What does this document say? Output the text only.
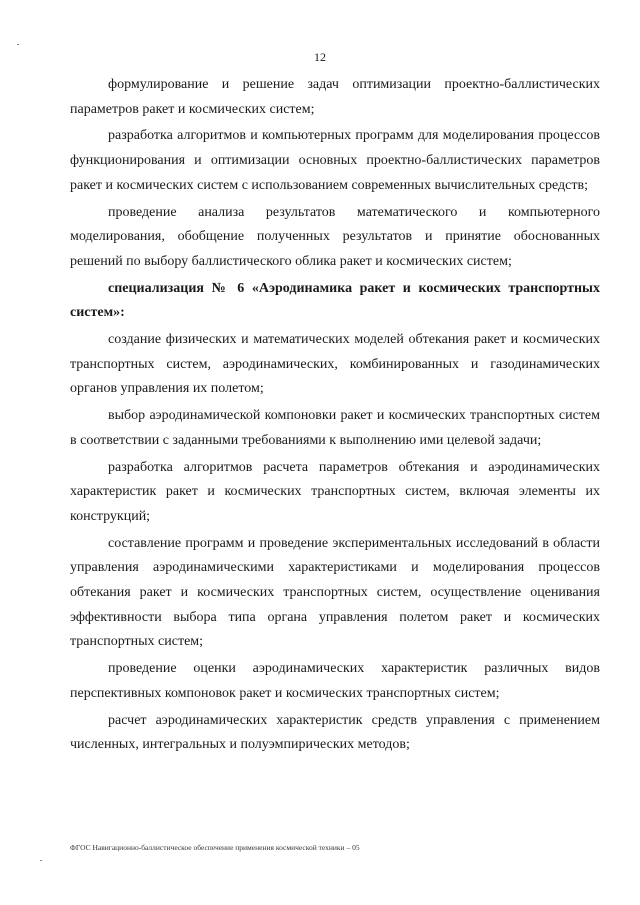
12

формулирование и решение задач оптимизации проектно-баллистических параметров ракет и космических систем;

разработка алгоритмов и компьютерных программ для моделирования процессов функционирования и оптимизации основных проектно-баллистических параметров ракет и космических систем с использованием современных вычислительных средств;

проведение анализа результатов математического и компьютерного моделирования, обобщение полученных результатов и принятие обоснованных решений по выбору баллистического облика ракет и космических систем;

специализация № 6 «Аэродинамика ракет и космических транспортных систем»:

создание физических и математических моделей обтекания ракет и космических транспортных систем, аэродинамических, комбинированных и газодинамических органов управления их полетом;

выбор аэродинамической компоновки ракет и космических транспортных систем в соответствии с заданными требованиями к выполнению ими целевой задачи;

разработка алгоритмов расчета параметров обтекания и аэродинамических характеристик ракет и космических транспортных систем, включая элементы их конструкций;

составление программ и проведение экспериментальных исследований в области управления аэродинамическими характеристиками и моделирования процессов обтекания ракет и космических транспортных систем, осуществление оценивания эффективности выбора типа органа управления полетом ракет и космических транспортных систем;

проведение оценки аэродинамических характеристик различных видов перспективных компоновок ракет и космических транспортных систем;

расчет аэродинамических характеристик средств управления с применением численных, интегральных и полуэмпирических методов;

ФГОС Навигационно-баллистическое обеспечение применения космической техники – 05
